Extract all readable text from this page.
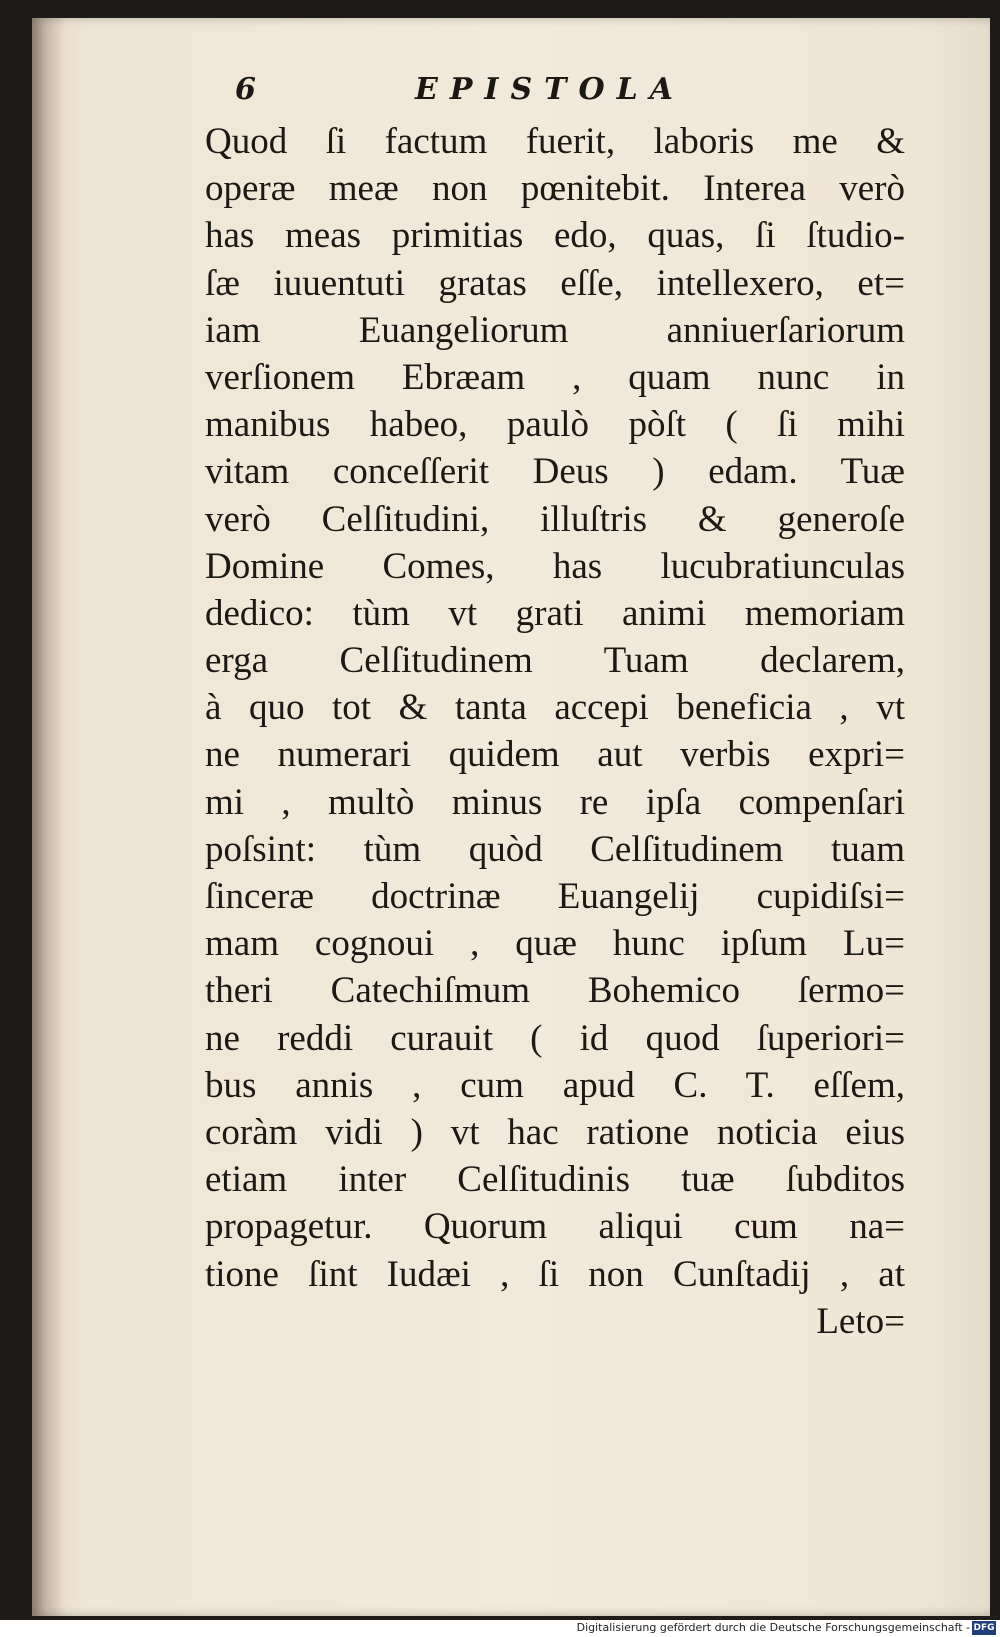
6	EPISTOLA
Quod ſi factum fuerit, laboris me &
operæ meæ non pœnitebit. Interea verò
has meas primitias edo, quas, ſi ſtudio-
ſæ iuuentuti gratas eſſe, intellexero, et=
iam Euangeliorum anniuerſariorum
verſionem Ebræam , quam nunc in
manibus habeo, paulò pòſt ( ſi mihi
vitam conceſſerit Deus ) edam. Tuæ
verò Celſitudini, illuſtris & generoſe
Domine Comes, has lucubratiunculas
dedico: tùm vt grati animi memoriam
erga Celſitudinem Tuam declarem,
à quo tot & tanta accepi beneficia , vt
ne numerari quidem aut verbis expri=
mi , multò minus re ipſa compenſari
poſsint: tùm quòd Celſitudinem tuam
ſinceræ doctrinæ Euangelij cupidiſsi=
mam cognoui , quæ hunc ipſum Lu=
theri Catechiſmum Bohemico ſermo=
ne reddi curauit ( id quod ſuperiori=
bus annis , cum apud C. T. eſſem,
coràm vidi ) vt hac ratione noticia eius
etiam inter Celſitudinis tuæ ſubditos
propagetur. Quorum aliqui cum na=
tione ſint Iudæi , ſi non Cunſtadij , at
Leto=
Digitalisierung gefördert durch die Deutsche Forschungsgemeinschaft - DFG
